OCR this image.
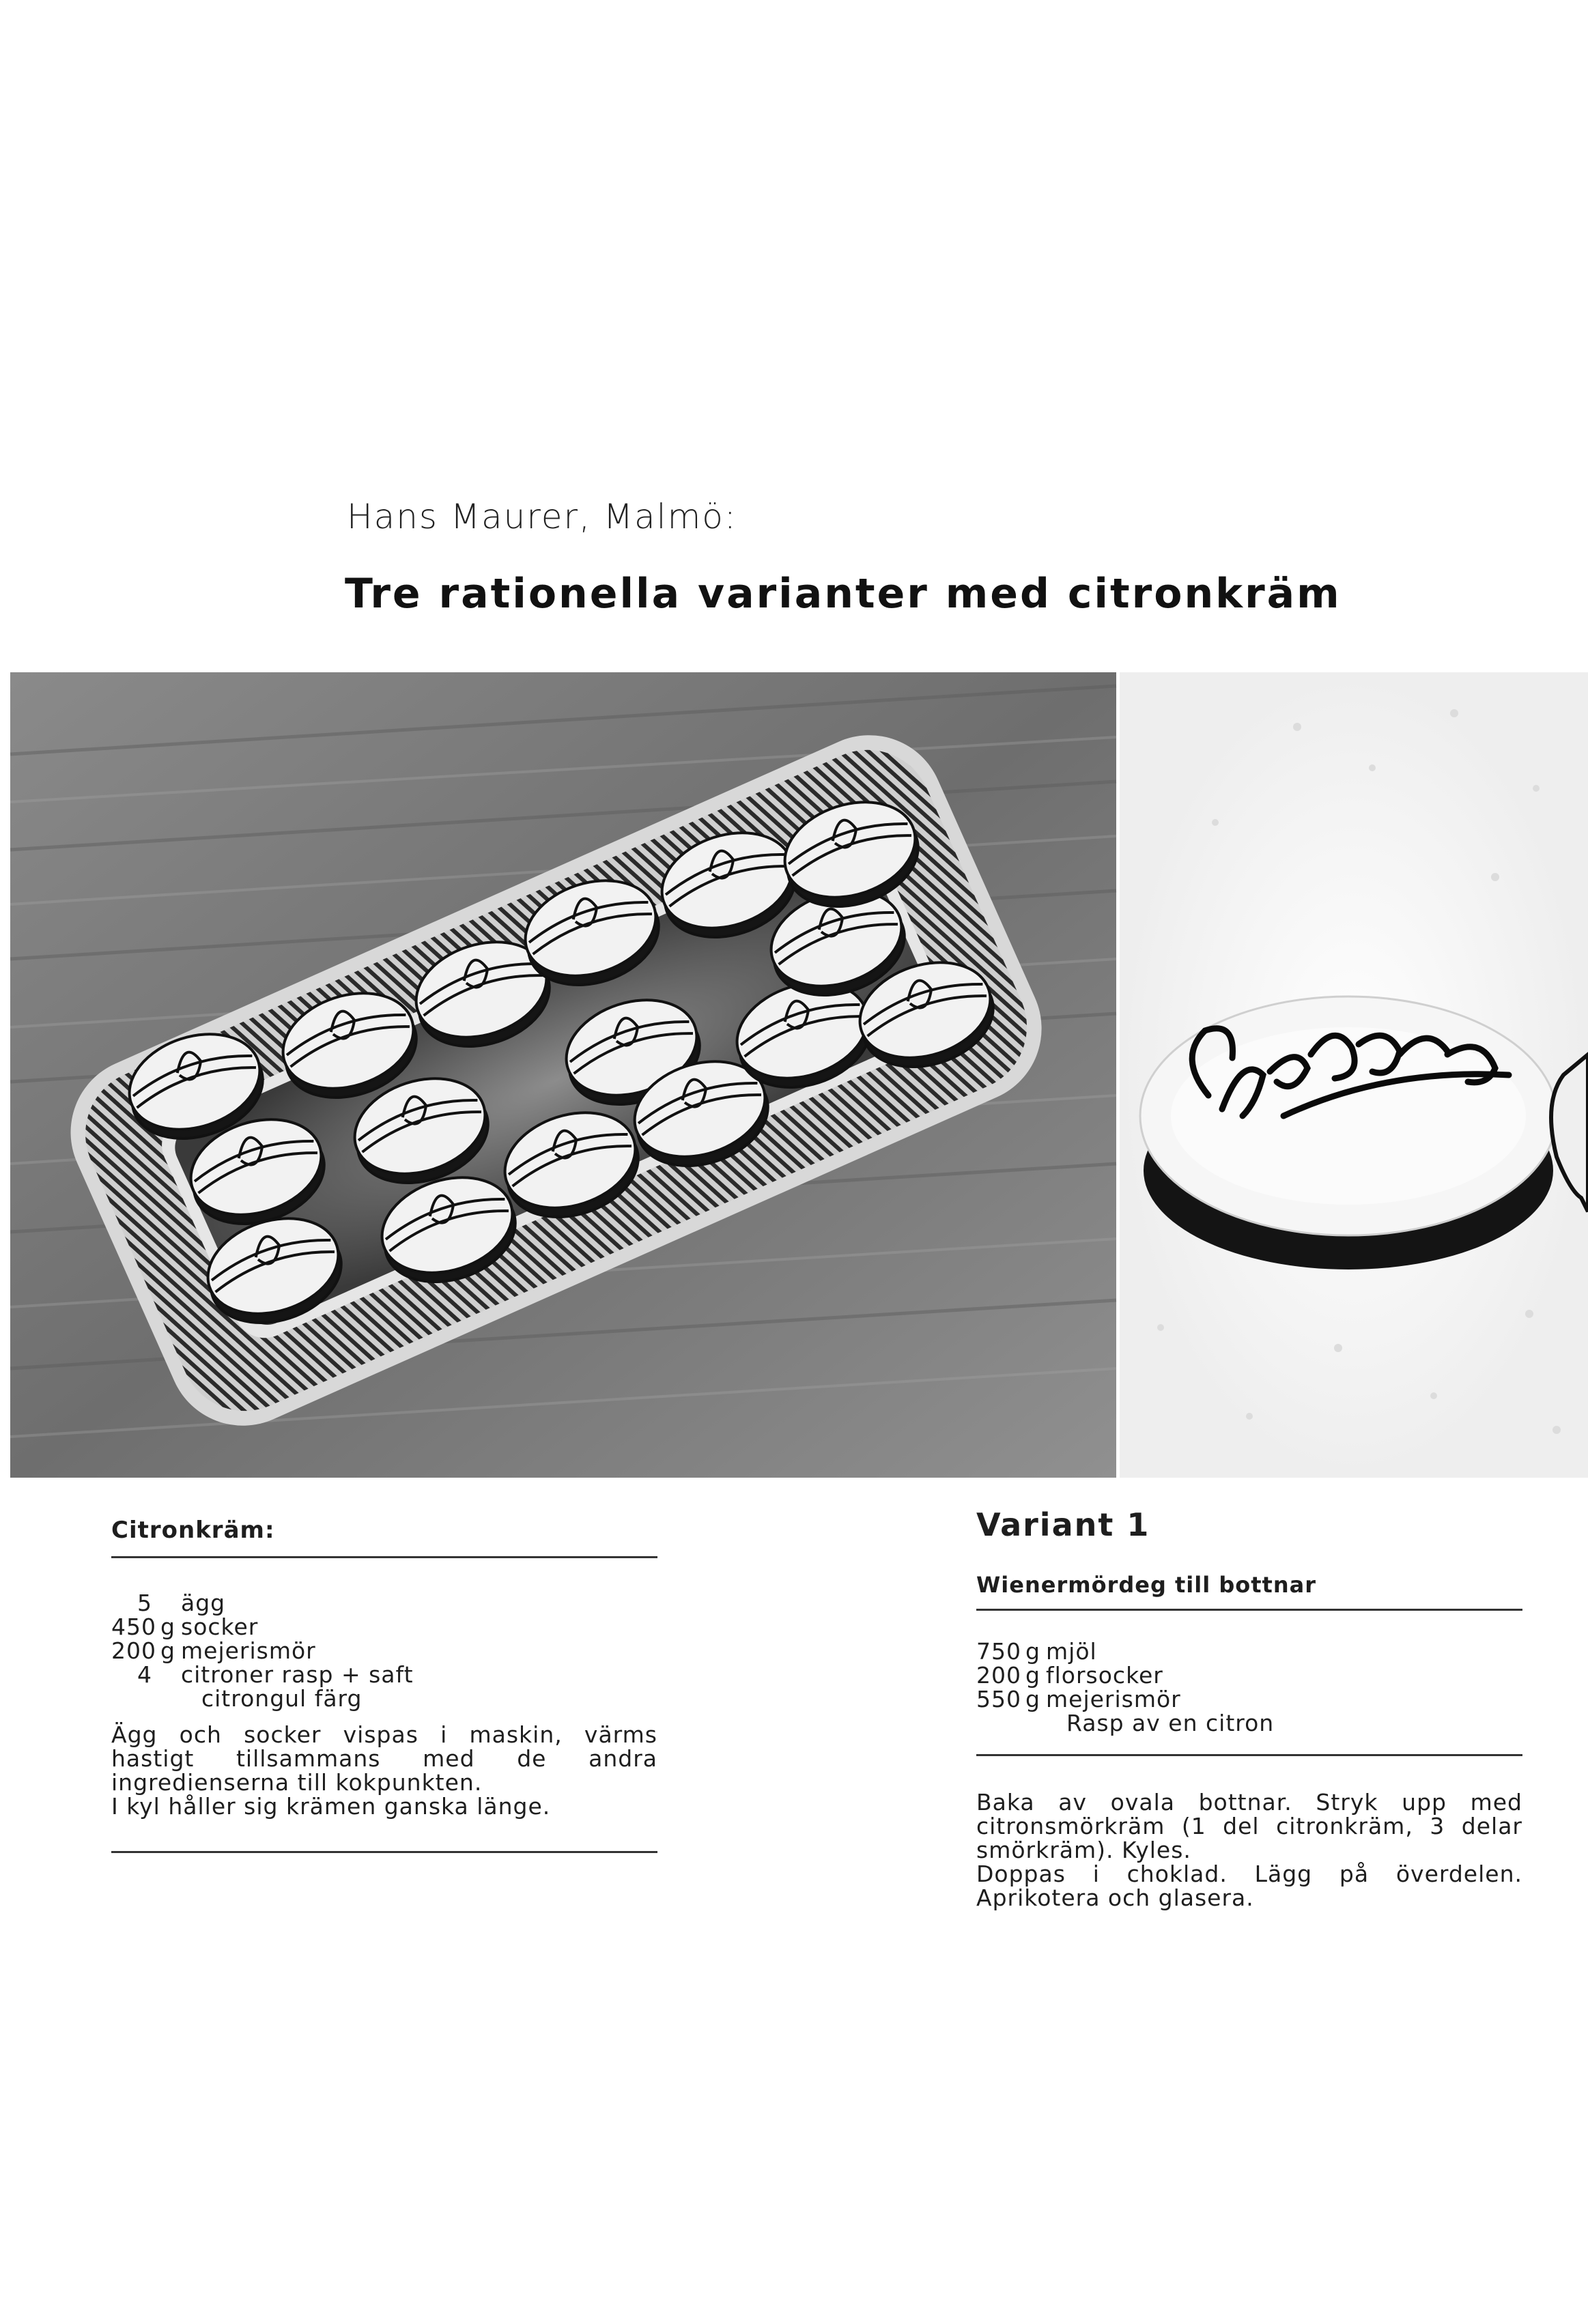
Hans Maurer, Malmö:
Tre rationella varianter med citronkräm
Citronkräm:
5	ägg
450 g socker
200 g mejerismör
4	citroner rasp + saft
citrongul färg

Ägg och socker vispas i maskin, värms hastigt tillsammans med de andra ingredienserna till kokpunkten.

I kyl håller sig krämen ganska länge.

Variant 1
Wienermördeg till bottnar
750 g mjöl
200 g florsocker
550 g mejerismör
Rasp av en citron

Baka av ovala bottnar. Stryk upp med citronsmörkräm (1 del citronkräm, 3 delar smörkräm). Kyles.

Doppas i choklad. Lägg på överdelen. Aprikotera och glasera.
